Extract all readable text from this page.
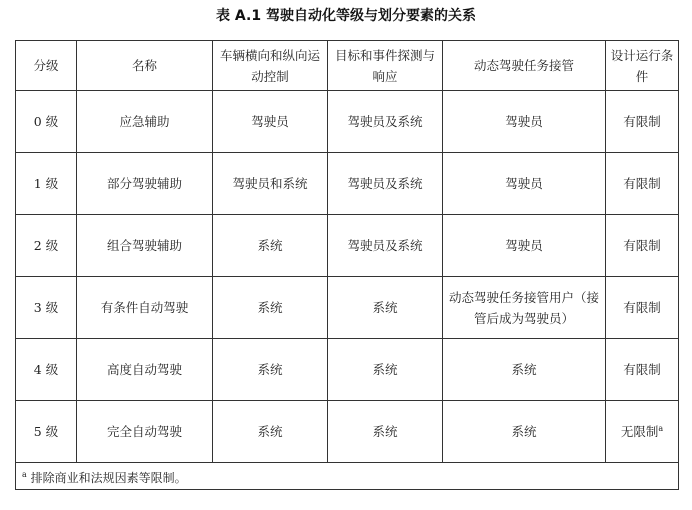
表 A.1 驾驶自动化等级与划分要素的关系
分级	名称	车辆横向和纵向运动控制	目标和事件探测与响应	动态驾驶任务接管	设计运行条件
0 级	应急辅助	驾驶员	驾驶员及系统	驾驶员	有限制
1 级	部分驾驶辅助	驾驶员和系统	驾驶员及系统	驾驶员	有限制
2 级	组合驾驶辅助	系统	驾驶员及系统	驾驶员	有限制
3 级	有条件自动驾驶	系统	系统	动态驾驶任务接管用户（接管后成为驾驶员）	有限制
4 级	高度自动驾驶	系统	系统	系统	有限制
5 级	完全自动驾驶	系统	系统	系统	无限制$^a$
$^a$ 排除商业和法规因素等限制。					
